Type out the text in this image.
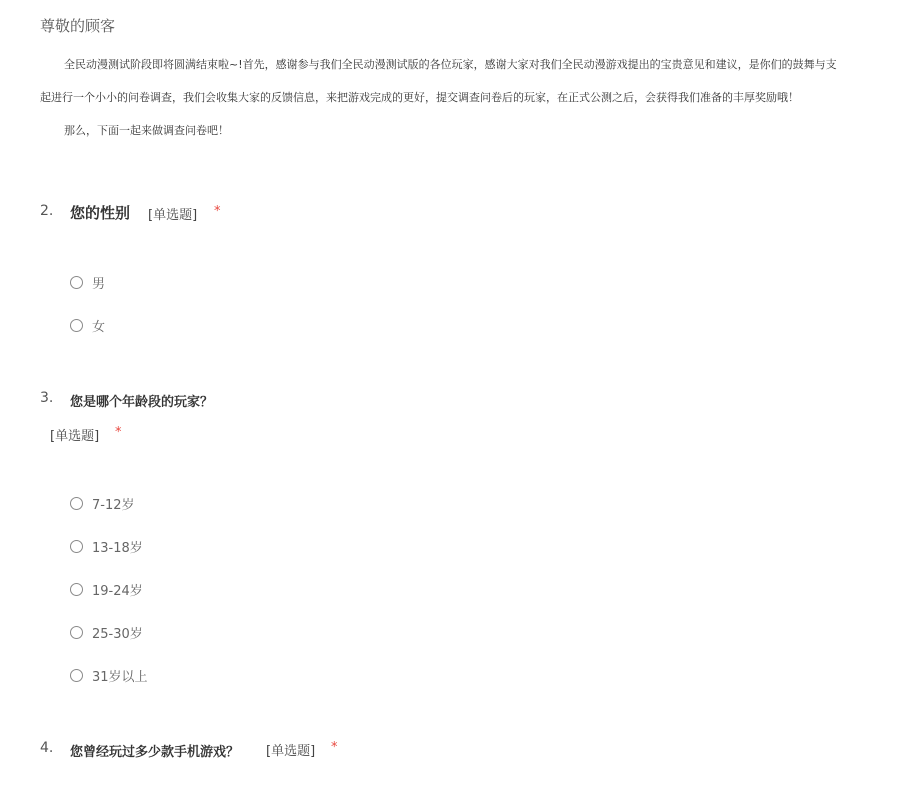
尊敬的顾客
全民动漫测试阶段即将圆满结束啦~!首先，感谢参与我们全民动漫测试版的各位玩家，感谢大家对我们全民动漫游戏提出的宝贵意见和建议，是你们的鼓舞与支
起进行一个小小的问卷调查，我们会收集大家的反馈信息，来把游戏完成的更好，提交调查问卷后的玩家，在正式公测之后，会获得我们准备的丰厚奖励哦！
那么，下面一起来做调查问卷吧！
2. 您的性别 [单选题] *
男
女
3. 您是哪个年龄段的玩家？
[单选题] *
7-12岁
13-18岁
19-24岁
25-30岁
31岁以上
4. 您曾经玩过多少款手机游戏？ [单选题] *
